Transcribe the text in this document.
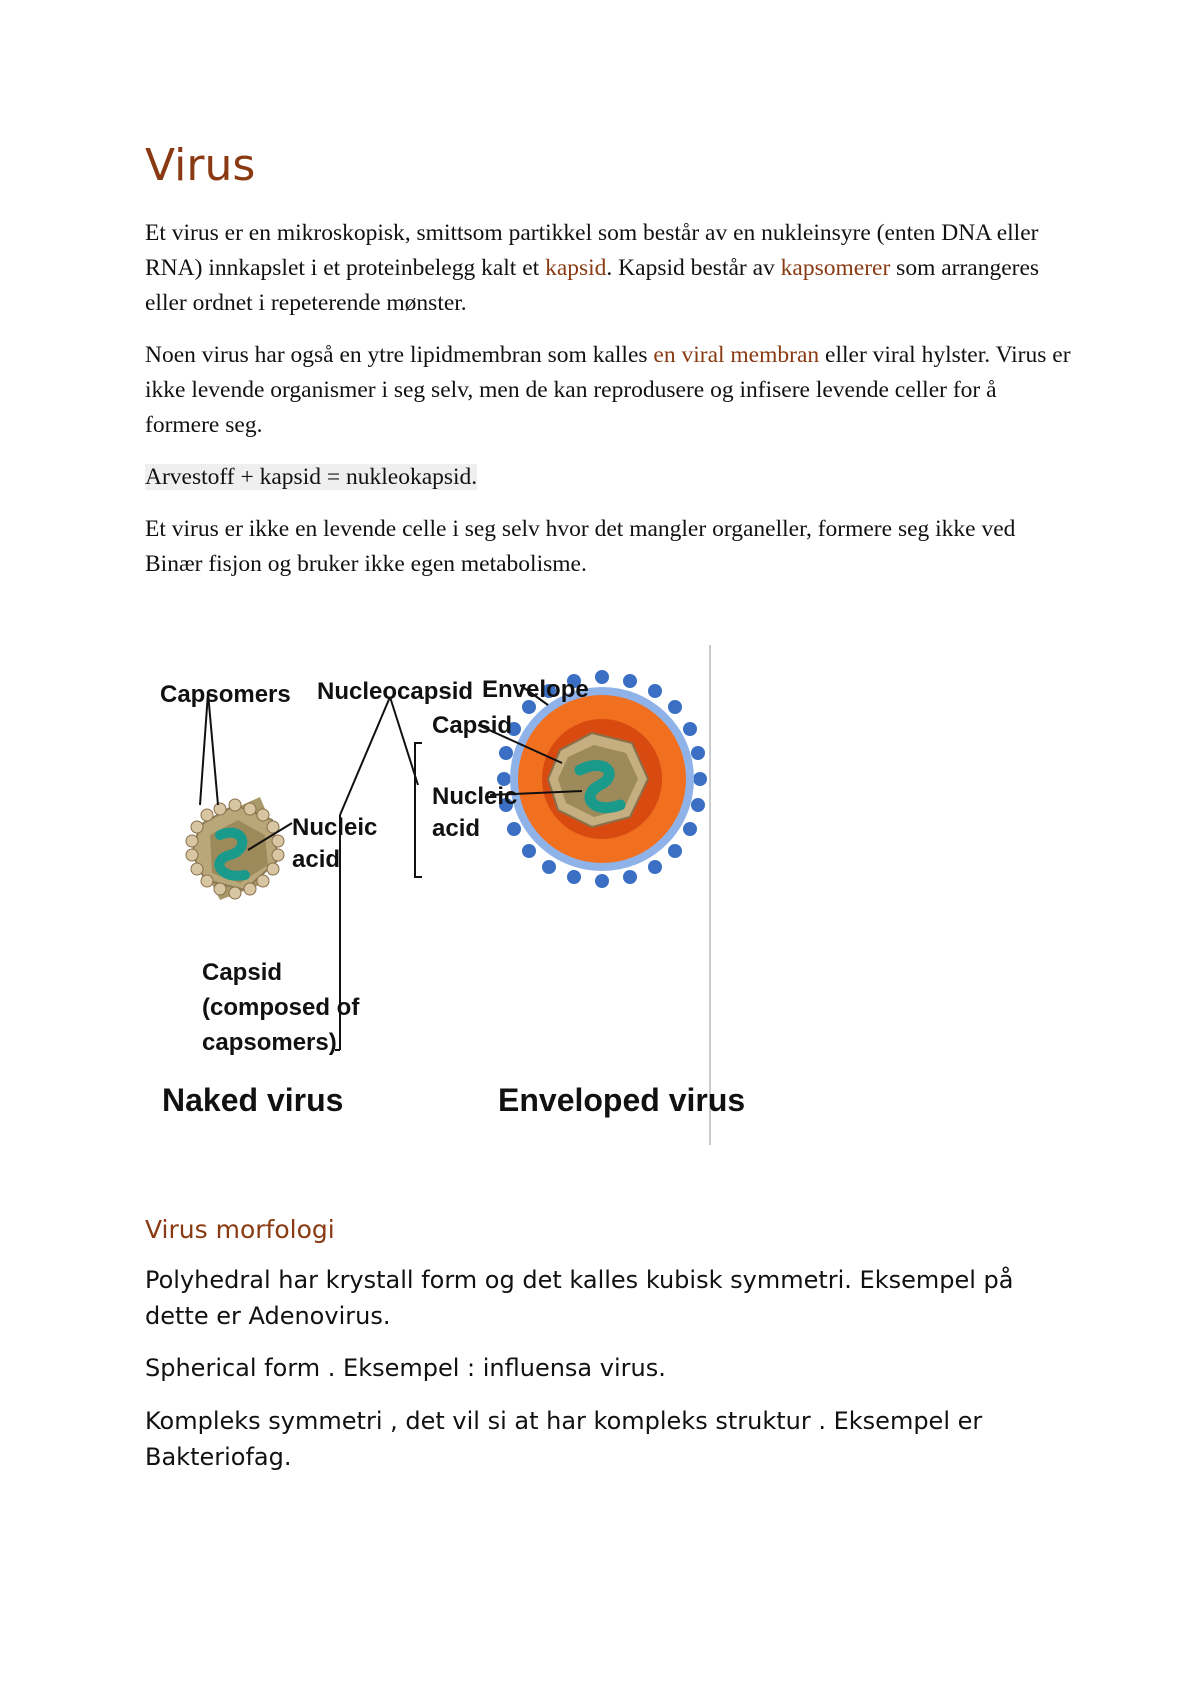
Virus

Et virus er en mikroskopisk, smittsom partikkel som består av en nukleinsyre (enten DNA eller RNA) innkapslet i et proteinbelegg kalt et kapsid. Kapsid består av kapsomerer som arrangeres eller ordnet i repeterende mønster.

Noen virus har også en ytre lipidmembran som kalles en viral membran eller viral hylster. Virus er ikke levende organismer i seg selv, men de kan reprodusere og infisere levende celler for å formere seg.

Arvestoff + kapsid = nukleokapsid.

Et virus er ikke en levende celle i seg selv hvor det mangler organeller, formere seg ikke ved Binær fisjon og bruker ikke egen metabolisme.

Capsomers Nucleocapsid Envelope
Capsid
Nucleic
acid
Nucleic
acid
Capsid
(composed of
capsomers)
Naked virus	Enveloped virus
Virus morfologi

Polyhedral har krystall form og det kalles kubisk symmetri. Eksempel på dette er Adenovirus.

Spherical form . Eksempel : influensa virus.

Kompleks symmetri , det vil si at har kompleks struktur . Eksempel er Bakteriofag.
